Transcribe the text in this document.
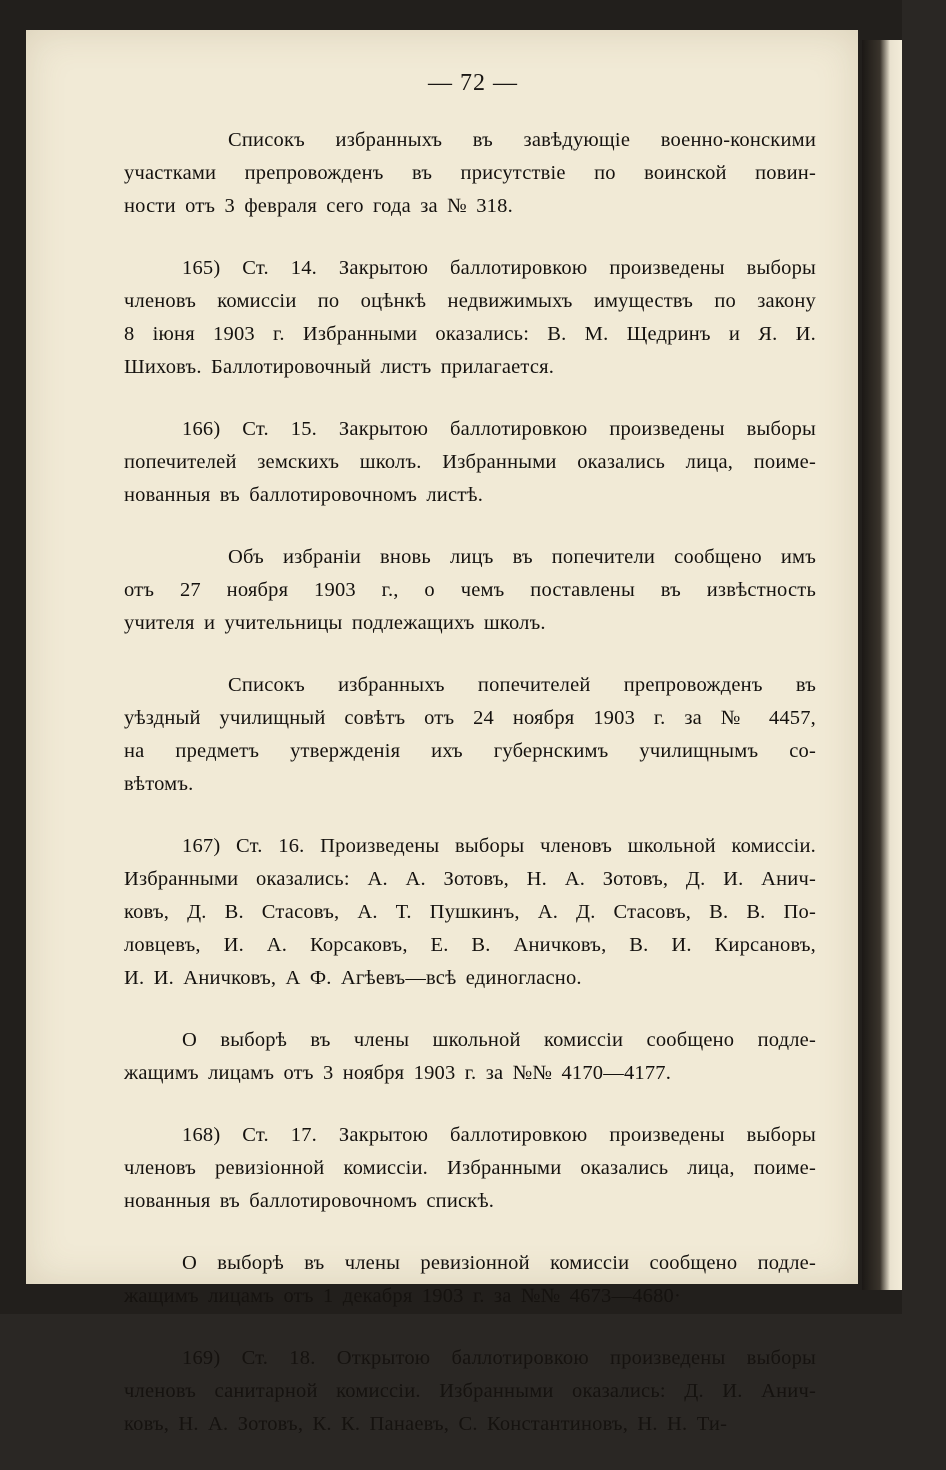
— 72 —
Списокъ избранныхъ въ завѣдующіе военно-конскими
участками препровожденъ въ присутствіе по воинской повин-
ности отъ 3 февраля сего года за № 318.
165) Ст. 14. Закрытою баллотировкою произведены выборы
членовъ комиссіи по оцѣнкѣ недвижимыхъ имуществъ по закону
8 іюня 1903 г. Избранными оказались: В. М. Щедринъ и Я. И.
Шиховъ. Баллотировочный листъ прилагается.
166) Ст. 15. Закрытою баллотировкою произведены выборы
попечителей земскихъ школъ. Избранными оказались лица, поиме-
нованныя въ баллотировочномъ листѣ.
Объ избраніи вновь лицъ въ попечители сообщено имъ
отъ 27 ноября 1903 г., о чемъ поставлены въ извѣстность
учителя и учительницы подлежащихъ школъ.
Списокъ избранныхъ попечителей препровожденъ въ
уѣздный училищный совѣтъ отъ 24 ноября 1903 г. за № 4457,
на предметъ утвержденія ихъ губернскимъ училищнымъ со-
вѣтомъ.
167) Ст. 16. Произведены выборы членовъ школьной комиссіи.
Избранными оказались: А. А. Зотовъ, Н. А. Зотовъ, Д. И. Анич-
ковъ, Д. В. Стасовъ, А. Т. Пушкинъ, А. Д. Стасовъ, В. В. По-
ловцевъ, И. А. Корсаковъ, Е. В. Аничковъ, В. И. Кирсановъ,
И. И. Аничковъ, А Ф. Агѣевъ—всѣ единогласно.
О выборѣ въ члены школьной комиссіи сообщено подле-
жащимъ лицамъ отъ 3 ноября 1903 г. за №№ 4170—4177.
168) Ст. 17. Закрытою баллотировкою произведены выборы
членовъ ревизіонной комиссіи. Избранными оказались лица, поиме-
нованныя въ баллотировочномъ спискѣ.
О выборѣ въ члены ревизіонной комиссіи сообщено подле-
жащимъ лицамъ отъ 1 декабря 1903 г. за №№ 4673—4680·
169) Ст. 18. Открытою баллотировкою произведены выборы
членовъ санитарной комиссіи. Избранными оказались: Д. И. Анич-
ковъ, Н. А. Зотовъ, К. К. Панаевъ, С. Константиновъ, Н. Н. Ти-
